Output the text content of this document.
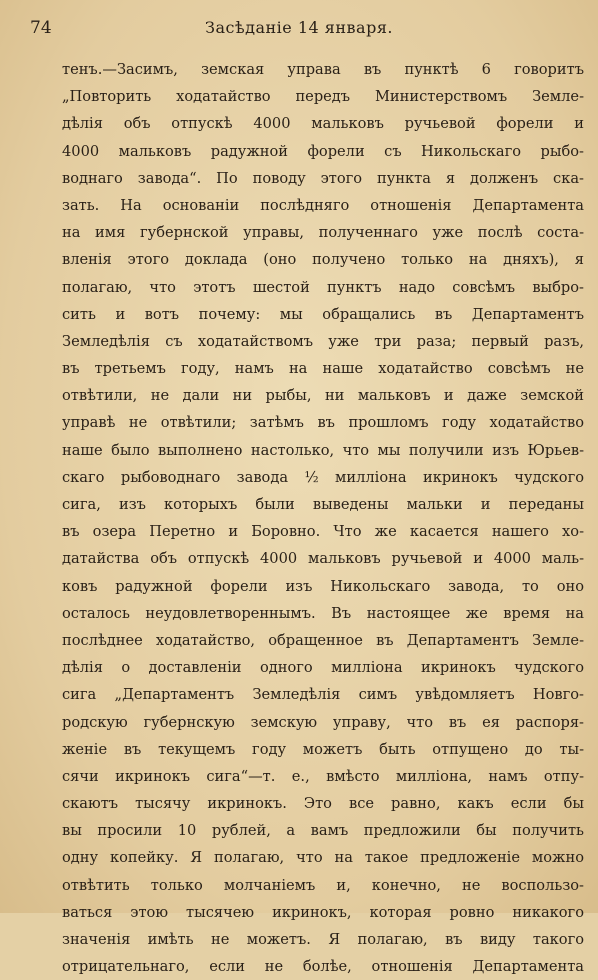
74	Засѣданіе 14 января.
тенъ.—Засимъ, земская управа въ пунктѣ 6 говоритъ
„Повторить ходатайство передъ Министерствомъ Земле-
дѣлія объ отпускѣ 4000 мальковъ ручьевой форели и
4000 мальковъ радужной форели съ Никольскаго рыбо-
воднаго завода“. По поводу этого пункта я долженъ ска-
зать. На основаніи послѣдняго отношенія Департамента
на имя губернской управы, полученнаго уже послѣ соста-
вленія этого доклада (оно получено только на дняхъ), я
полагаю, что этотъ шестой пунктъ надо совсѣмъ выбро-
сить и вотъ почему: мы обращались въ Департаментъ
Земледѣлія съ ходатайствомъ уже три раза; первый разъ,
въ третьемъ году, намъ на наше ходатайство совсѣмъ не
отвѣтили, не дали ни рыбы, ни мальковъ и даже земской
управѣ не отвѣтили; затѣмъ въ прошломъ году ходатайство
наше было выполнено настолько, что мы получили изъ Юрьев-
скаго рыбоводнаго завода ½ милліона икринокъ чудского
сига, изъ которыхъ были выведены мальки и переданы
въ озера Перетно и Боровно. Что же касается нашего хо-
датайства объ отпускѣ 4000 мальковъ ручьевой и 4000 маль-
ковъ радужной форели изъ Никольскаго завода, то оно
осталось неудовлетвореннымъ. Въ настоящее же время на
послѣднее ходатайство, обращенное въ Департаментъ Земле-
дѣлія о доставленіи одного милліона икринокъ чудского
сига „Департаментъ Земледѣлія симъ увѣдомляетъ Новго-
родскую губернскую земскую управу, что въ ея распоря-
женіе въ текущемъ году можетъ быть отпущено до ты-
сячи икринокъ сига“—т. е., вмѣсто милліона, намъ отпу-
скаютъ тысячу икринокъ. Это все равно, какъ если бы
вы просили 10 рублей, а вамъ предложили бы получить
одну копейку. Я полагаю, что на такое предложеніе можно
отвѣтить только молчаніемъ и, конечно, не воспользо-
ваться этою тысячею икринокъ, которая ровно никакого
значенія имѣть не можетъ. Я полагаю, въ виду такого
отрицательнаго, если не болѣе, отношенія Департамента
